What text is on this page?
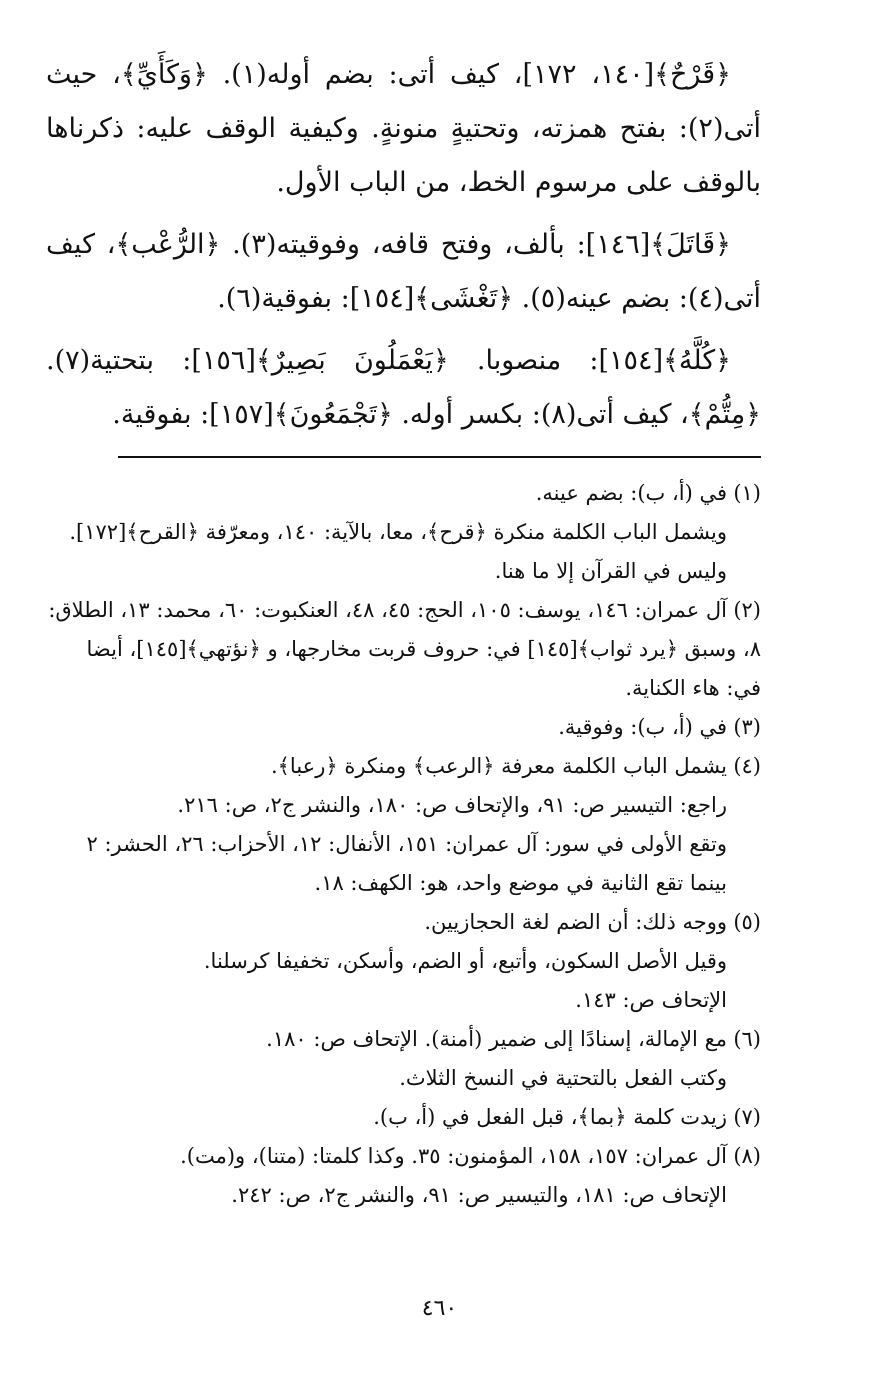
﴿قَرْحٌ﴾[١٤٠، ١٧٢]، كيف أتى: بضم أوله(١). ﴿وَكَأَيِّ﴾، حيث أتى(٢): بفتح همزته، وتحتيةٍ منونةٍ. وكيفية الوقف عليه: ذكرناها بالوقف على مرسوم الخط، من الباب الأول.

﴿قَاتَلَ﴾[١٤٦]: بألف، وفتح قافه، وفوقيته(٣). ﴿الرُّعْب﴾، كيف أتى(٤): بضم عينه(٥). ﴿تَغْشَى﴾[١٥٤]: بفوقية(٦).

﴿كُلَّهُ﴾[١٥٤]: منصوبا. ﴿يَعْمَلُونَ بَصِيرٌ﴾[١٥٦]: بتحتية(٧). ﴿مِتُّمْ﴾، كيف أتى(٨): بكسر أوله. ﴿تَجْمَعُونَ﴾[١٥٧]: بفوقية.

(١)في (أ، ب): بضم عينه.
ويشمل الباب الكلمة منكرة ﴿قرح﴾، معا، بالآية: ١٤٠، ومعرّفة ﴿القرح﴾[١٧٢]. وليس في القرآن إلا ما هنا.
(٢)آل عمران: ١٤٦، يوسف: ١٠٥، الحج: ٤٥، ٤٨، العنكبوت: ٦٠، محمد: ١٣، الطلاق: ٨، وسبق ﴿يرد ثواب﴾[١٤٥] في: حروف قربت مخارجها، و ﴿نؤتهي﴾[١٤٥]، أيضا في: هاء الكناية.
(٣)في (أ، ب): وفوقية.
(٤)يشمل الباب الكلمة معرفة ﴿الرعب﴾ ومنكرة ﴿رعبا﴾.
راجع: التيسير ص: ٩١، والإتحاف ص: ١٨٠، والنشر ج٢، ص: ٢١٦.
وتقع الأولى في سور: آل عمران: ١٥١، الأنفال: ١٢، الأحزاب: ٢٦، الحشر: ٢ بينما تقع الثانية في موضع واحد، هو: الكهف: ١٨.
(٥)ووجه ذلك: أن الضم لغة الحجازيين.
وقيل الأصل السكون، وأتبع، أو الضم، وأسكن، تخفيفا كرسلنا.
الإتحاف ص: ١٤٣.
(٦)مع الإمالة، إسنادًا إلى ضمير (أمنة). الإتحاف ص: ١٨٠.
وكتب الفعل بالتحتية في النسخ الثلاث.
(٧)زيدت كلمة ﴿بما﴾، قبل الفعل في (أ، ب).
(٨)آل عمران: ١٥٧، ١٥٨، المؤمنون: ٣٥. وكذا كلمتا: (متنا)، و(مت).
الإتحاف ص: ١٨١، والتيسير ص: ٩١، والنشر ج٢، ص: ٢٤٢.
٤٦٠
